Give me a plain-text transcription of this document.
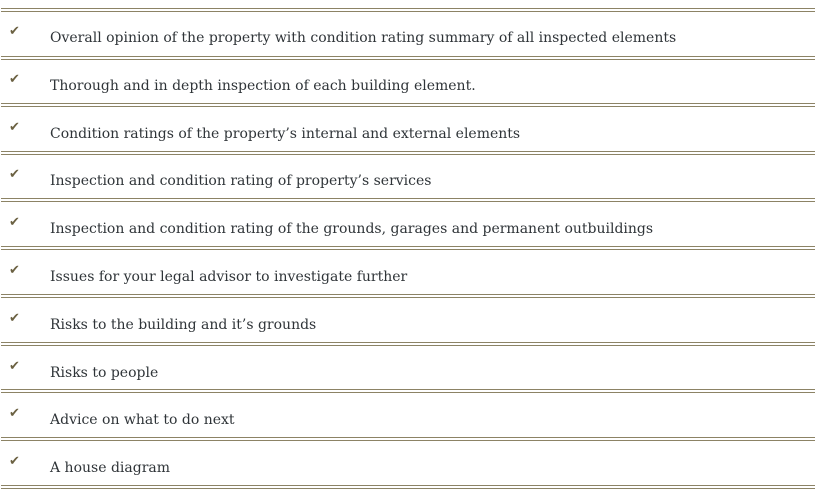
✔ Overall opinion of the property with condition rating summary of all inspected elements
✔ Thorough and in depth inspection of each building element.
✔ Condition ratings of the property’s internal and external elements
✔ Inspection and condition rating of property’s services
✔ Inspection and condition rating of the grounds, garages and permanent outbuildings
✔ Issues for your legal advisor to investigate further
✔ Risks to the building and it’s grounds
✔ Risks to people
✔ Advice on what to do next
✔ A house diagram
